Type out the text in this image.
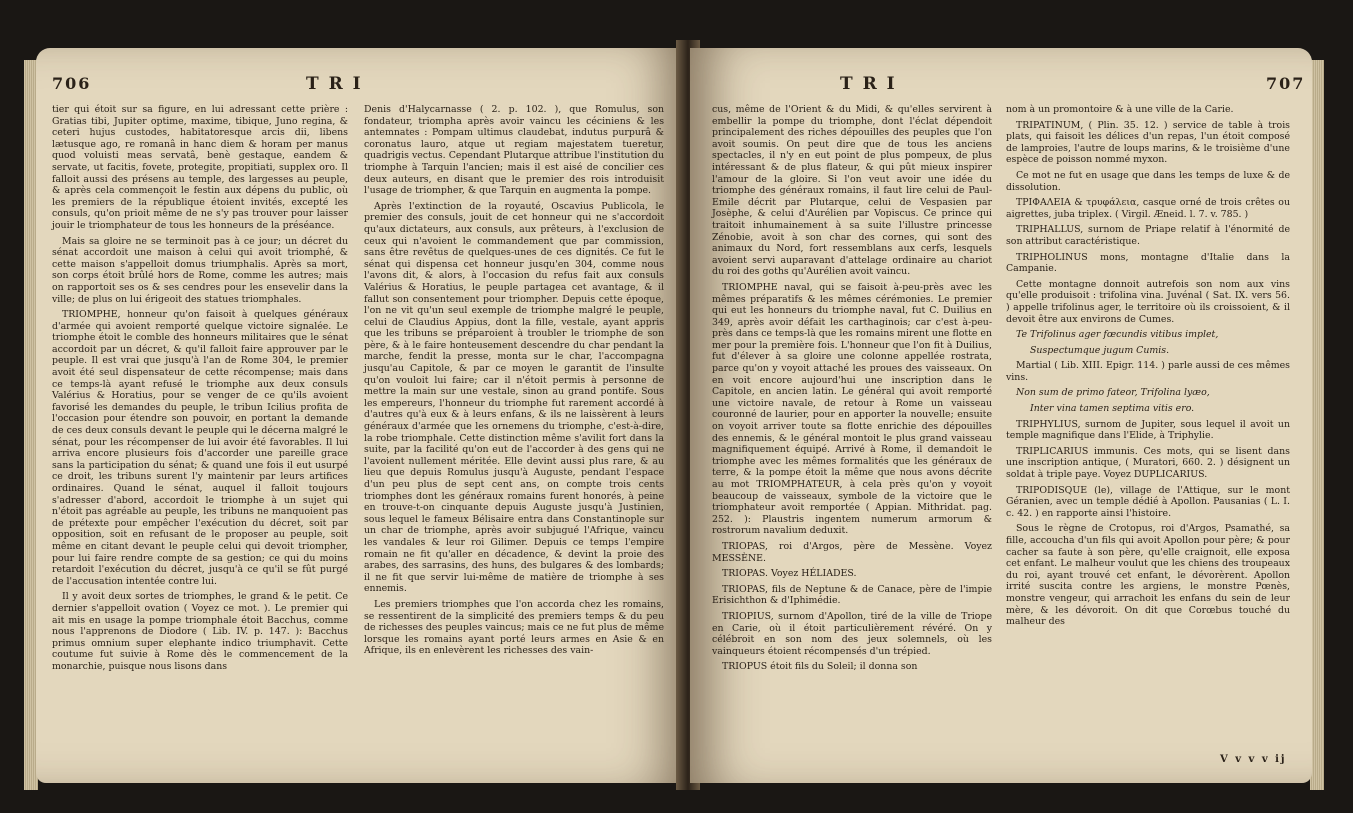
706	T R I

tier qui étoit sur sa figure, en lui adressant cette prière : Gratias tibi, Jupiter optime, maxime, tibique, Juno regina, & ceteri hujus custodes, habitatoresque arcis dii, libens lætusque ago, re romanâ in hanc diem & horam per manus quod voluisti meas servatâ, benè gestaque, eandem & servate, ut facitis, fovete, protegite, propitiati, supplex oro. Il falloit aussi des présens au temple, des largesses au peuple, & après cela commençoit le festin aux dépens du public, où les premiers de la république étoient invités, excepté les consuls, qu'on prioit même de ne s'y pas trouver pour laisser jouir le triomphateur de tous les honneurs de la préséance.

Mais sa gloire ne se terminoit pas à ce jour; un décret du sénat accordoit une maison à celui qui avoit triomphé, & cette maison s'appelloit domus triumphalis. Après sa mort, son corps étoit brûlé hors de Rome, comme les autres; mais on rapportoit ses os & ses cendres pour les ensevelir dans la ville; de plus on lui érigeoit des statues triomphales.

TRIOMPHE, honneur qu'on faisoit à quelques généraux d'armée qui avoient remporté quelque victoire signalée. Le triomphe étoit le comble des honneurs militaires que le sénat accordoit par un décret, & qu'il falloit faire approuver par le peuple. Il est vrai que jusqu'à l'an de Rome 304, le premier avoit été seul dispensateur de cette récompense; mais dans ce temps-là ayant refusé le triomphe aux deux consuls Valérius & Horatius, pour se venger de ce qu'ils avoient favorisé les demandes du peuple, le tribun Icilius profita de l'occasion pour étendre son pouvoir, en portant la demande de ces deux consuls devant le peuple qui le décerna malgré le sénat, pour les récompenser de lui avoir été favorables. Il lui arriva encore plusieurs fois d'accorder une pareille grace sans la participation du sénat; & quand une fois il eut usurpé ce droit, les tribuns surent l'y maintenir par leurs artifices ordinaires. Quand le sénat, auquel il falloit toujours s'adresser d'abord, accordoit le triomphe à un sujet qui n'étoit pas agréable au peuple, les tribuns ne manquoient pas de prétexte pour empêcher l'exécution du décret, soit par opposition, soit en refusant de le proposer au peuple, soit même en citant devant le peuple celui qui devoit triompher, pour lui faire rendre compte de sa gestion; ce qui du moins retardoit l'exécution du décret, jusqu'à ce qu'il se fût purgé de l'accusation intentée contre lui.

Il y avoit deux sortes de triomphes, le grand & le petit. Ce dernier s'appelloit ovation ( Voyez ce mot. ). Le premier qui ait mis en usage la pompe triomphale étoit Bacchus, comme nous l'apprenons de Diodore ( Lib. IV. p. 147. ): Bacchus primus omnium super elephante indico triumphavit. Cette coutume fut suivie à Rome dès le commencement de la monarchie, puisque nous lisons dans

Denis d'Halycarnasse ( 2. p. 102. ), que Romulus, son fondateur, triompha après avoir vaincu les céciniens & les antemnates : Pompam ultimus claudebat, indutus purpurâ & coronatus lauro, atque ut regiam majestatem tueretur, quadrigis vectus. Cependant Plutarque attribue l'institution du triomphe à Tarquin l'ancien; mais il est aisé de concilier ces deux auteurs, en disant que le premier des rois introduisit l'usage de triompher, & que Tarquin en augmenta la pompe.

Après l'extinction de la royauté, Oscavius Publicola, le premier des consuls, jouit de cet honneur qui ne s'accordoit qu'aux dictateurs, aux consuls, aux prêteurs, à l'exclusion de ceux qui n'avoient le commandement que par commission, sans être revêtus de quelques-unes de ces dignités. Ce fut le sénat qui dispensa cet honneur jusqu'en 304, comme nous l'avons dit, & alors, à l'occasion du refus fait aux consuls Valérius & Horatius, le peuple partagea cet avantage, & il fallut son consentement pour triompher. Depuis cette époque, l'on ne vit qu'un seul exemple de triomphe malgré le peuple, celui de Claudius Appius, dont la fille, vestale, ayant appris que les tribuns se préparoient à troubler le triomphe de son père, & à le faire honteusement descendre du char pendant la marche, fendit la presse, monta sur le char, l'accompagna jusqu'au Capitole, & par ce moyen le garantit de l'insulte qu'on vouloit lui faire; car il n'étoit permis à personne de mettre la main sur une vestale, sinon au grand pontife. Sous les empereurs, l'honneur du triomphe fut rarement accordé à d'autres qu'à eux & à leurs enfans, & ils ne laissèrent à leurs généraux d'armée que les ornemens du triomphe, c'est-à-dire, la robe triomphale. Cette distinction même s'avilit fort dans la suite, par la facilité qu'on eut de l'accorder à des gens qui ne l'avoient nullement méritée. Elle devint aussi plus rare, & au lieu que depuis Romulus jusqu'à Auguste, pendant l'espace d'un peu plus de sept cent ans, on compte trois cents triomphes dont les généraux romains furent honorés, à peine en trouve-t-on cinquante depuis Auguste jusqu'à Justinien, sous lequel le fameux Bélisaire entra dans Constantinople sur un char de triomphe, après avoir subjugué l'Afrique, vaincu les vandales & leur roi Gilimer. Depuis ce temps l'empire romain ne fit qu'aller en décadence, & devint la proie des arabes, des sarrasins, des huns, des bulgares & des lombards; il ne fit que servir lui-même de matière de triomphe à ses ennemis.

Les premiers triomphes que l'on accorda chez les romains, se ressentirent de la simplicité des premiers temps & du peu de richesses des peuples vaincus; mais ce ne fut plus de même lorsque les romains ayant porté leurs armes en Asie & en Afrique, ils en enlevèrent les richesses des vain-

T R I	707

cus, même de l'Orient & du Midi, & qu'elles servirent à embellir la pompe du triomphe, dont l'éclat dépendoit principalement des riches dépouilles des peuples que l'on avoit soumis. On peut dire que de tous les anciens spectacles, il n'y en eut point de plus pompeux, de plus intéressant & de plus flateur, & qui pût mieux inspirer l'amour de la gloire. Si l'on veut avoir une idée du triomphe des généraux romains, il faut lire celui de Paul-Emile décrit par Plutarque, celui de Vespasien par Josèphe, & celui d'Aurélien par Vopiscus. Ce prince qui traitoit inhumainement à sa suite l'illustre princesse Zénobie, avoit à son char des cornes, qui sont des animaux du Nord, fort ressemblans aux cerfs, lesquels avoient servi auparavant d'attelage ordinaire au chariot du roi des goths qu'Aurélien avoit vaincu.

TRIOMPHE naval, qui se faisoit à-peu-près avec les mêmes préparatifs & les mêmes cérémonies. Le premier qui eut les honneurs du triomphe naval, fut C. Duilius en 349, après avoir défait les carthaginois; car c'est à-peu-près dans ce temps-là que les romains mirent une flotte en mer pour la première fois. L'honneur que l'on fit à Duilius, fut d'élever à sa gloire une colonne appellée rostrata, parce qu'on y voyoit attaché les proues des vaisseaux. On en voit encore aujourd'hui une inscription dans le Capitole, en ancien latin. Le général qui avoit remporté une victoire navale, de retour à Rome un vaisseau couronné de laurier, pour en apporter la nouvelle; ensuite on voyoit arriver toute sa flotte enrichie des dépouilles des ennemis, & le général montoit le plus grand vaisseau magnifiquement équipé. Arrivé à Rome, il demandoit le triomphe avec les mêmes formalités que les généraux de terre, & la pompe étoit la même que nous avons décrite au mot TRIOMPHATEUR, à cela près qu'on y voyoit beaucoup de vaisseaux, symbole de la victoire que le triomphateur avoit remportée ( Appian. Mithridat. pag. 252. ): Plaustris ingentem numerum armorum & rostrorum navalium deduxit.

TRIOPAS, roi d'Argos, père de Messène. Voyez MESSÈNE.

TRIOPAS. Voyez HÉLIADES.

TRIOPAS, fils de Neptune & de Canace, père de l'impie Erisichthon & d'Iphimédie.

TRIOPIUS, surnom d'Apollon, tiré de la ville de Triope en Carie, où il étoit particulièrement révéré. On y célébroit en son nom des jeux solemnels, où les vainqueurs étoient récompensés d'un trépied.

TRIOPUS étoit fils du Soleil; il donna son

nom à un promontoire & à une ville de la Carie.

TRIPATINUM, ( Plin. 35. 12. ) service de table à trois plats, qui faisoit les délices d'un repas, l'un étoit composé de lamproies, l'autre de loups marins, & le troisième d'une espèce de poisson nommé myxon.

Ce mot ne fut en usage que dans les temps de luxe & de dissolution.

ΤΡΙΦΑΛΕΙΑ & τρυφάλεια, casque orné de trois crêtes ou aigrettes, juba triplex. ( Virgil. Æneid. l. 7. v. 785. )

TRIPHALLUS, surnom de Priape relatif à l'énormité de son attribut caractéristique.

TRIPHOLINUS mons, montagne d'Italie dans la Campanie.

Cette montagne donnoit autrefois son nom aux vins qu'elle produisoit : trifolina vina. Juvénal ( Sat. IX. vers 56. ) appelle trifolinus ager, le territoire où ils croissoient, & il devoit être aux environs de Cumes.

Te Trifolinus ager fœcundis vitibus implet,

Suspectumque jugum Cumis.

Martial ( Lib. XIII. Epigr. 114. ) parle aussi de ces mêmes vins.

Non sum de primo fateor, Trifolina lyæo,

Inter vina tamen septima vitis ero.

TRIPHYLIUS, surnom de Jupiter, sous lequel il avoit un temple magnifique dans l'Elide, à Triphylie.

TRIPLICARIUS immunis. Ces mots, qui se lisent dans une inscription antique, ( Muratori, 660. 2. ) désignent un soldat à triple paye. Voyez DUPLICARIUS.

TRIPODISQUE (le), village de l'Attique, sur le mont Géranien, avec un temple dédié à Apollon. Pausanias ( L. I. c. 42. ) en rapporte ainsi l'histoire.

Sous le règne de Crotopus, roi d'Argos, Psamathé, sa fille, accoucha d'un fils qui avoit Apollon pour père; & pour cacher sa faute à son père, qu'elle craignoit, elle exposa cet enfant. Le malheur voulut que les chiens des troupeaux du roi, ayant trouvé cet enfant, le dévorèrent. Apollon irrité suscita contre les argiens, le monstre Pœnès, monstre vengeur, qui arrachoit les enfans du sein de leur mère, & les dévoroit. On dit que Corœbus touché du malheur des

V v v v ij
